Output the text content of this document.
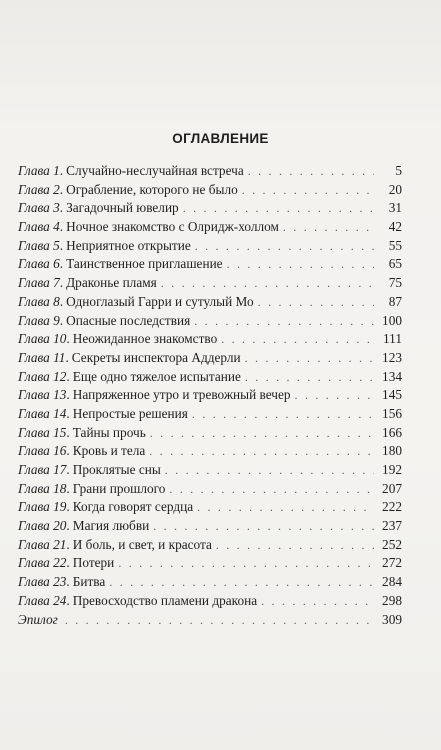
ОГЛАВЛЕНИЕ
Глава 1 . Случайно-неслучайная встреча . . .	5
Глава 2 . Ограбление, которого не было . . .	20
Глава 3 . Загадочный ювелир . . .	31
Глава 4 . Ночное знакомство с Олридж-холлом . . .	42
Глава 5 . Неприятное открытие . . .	55
Глава 6 . Таинственное приглашение . . .	65
Глава 7 . Драконье пламя . . .	75
Глава 8 . Одноглазый Гарри и сутулый Мо . . .	87
Глава 9 . Опасные последствия . . .	100
Глава 10 . Неожиданное знакомство . . .	111
Глава 11 . Секреты инспектора Аддерли . . .	123
Глава 12 . Еще одно тяжелое испытание . . .	134
Глава 13 . Напряженное утро и тревожный вечер . . .	145
Глава 14 . Непростые решения . . .	156
Глава 15 . Тайны прочь . . .	166
Глава 16 . Кровь и тела . . .	180
Глава 17 . Проклятые сны . . .	192
Глава 18 . Грани прошлого . . .	207
Глава 19 . Когда говорят сердца . . .	222
Глава 20 . Магия любви . . .	237
Глава 21 . И боль, и свет, и красота . . .	252
Глава 22 . Потери . . .	272
Глава 23 . Битва . . .	284
Глава 24 . Превосходство пламени дракона . . .	298
Эпилог . . .	309
